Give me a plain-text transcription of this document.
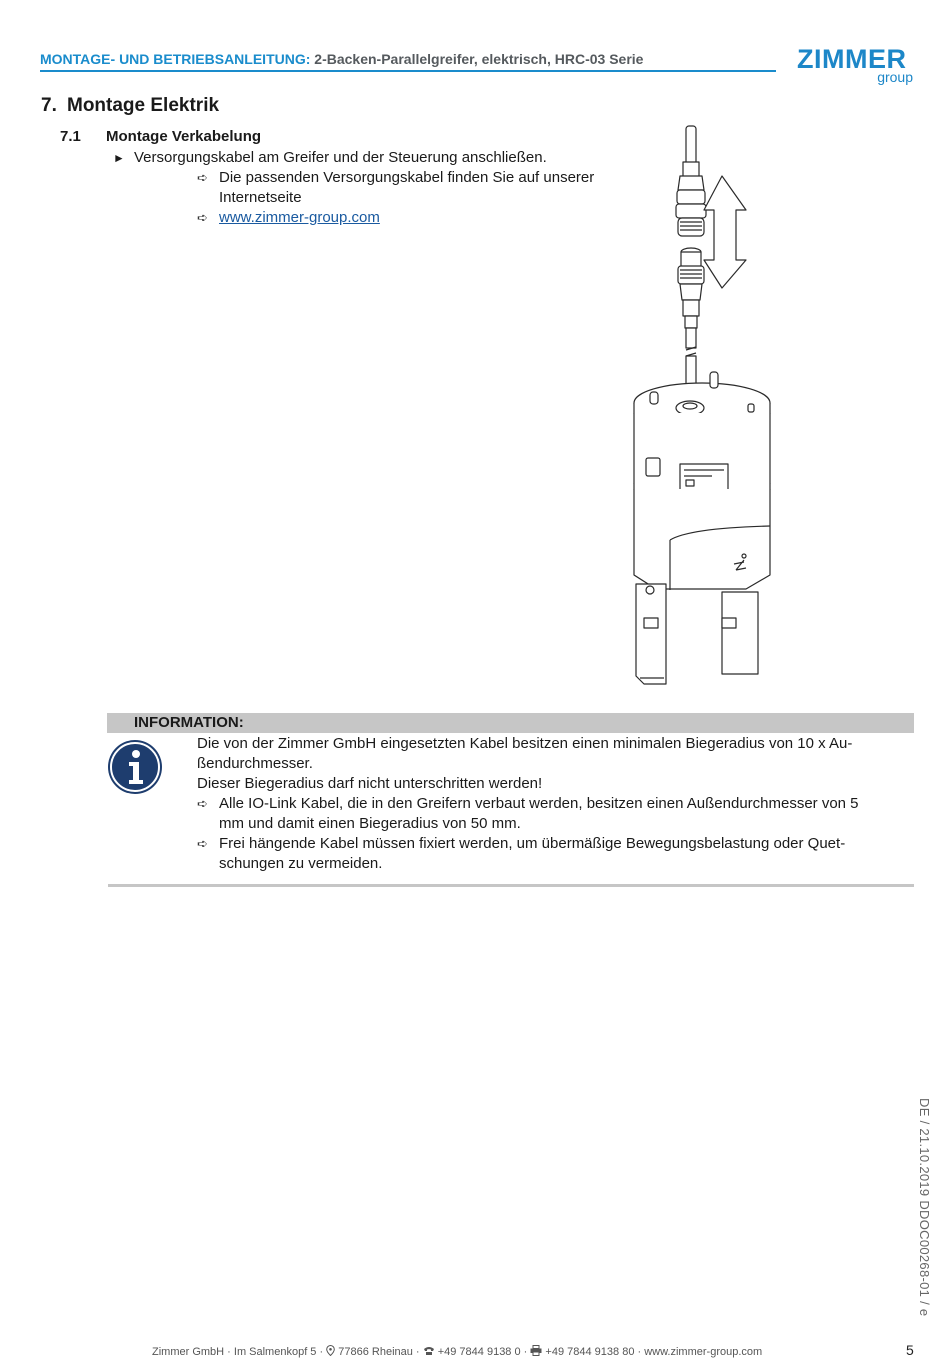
MONTAGE- UND BETRIEBSANLEITUNG: 2-Backen-Parallelgreifer, elektrisch, HRC-03 Serie	ZIMMER
group
7. Montage Elektrik
7.1 Montage Verkabelung
► Versorgungskabel am Greifer und der Steuerung anschließen.
➪ Die passenden Versorgungskabel finden Sie auf unserer
Internetseite
➪ www.zimmer-group.com
INFORMATION:
Die von der Zimmer GmbH eingesetzten Kabel besitzen einen minimalen Biegeradius von 10 x Au-
ßendurchmesser.
Dieser Biegeradius darf nicht unterschritten werden!
➪ Alle IO-Link Kabel, die in den Greifern verbaut werden, besitzen einen Außendurchmesser von 5
mm und damit einen Biegeradius von 50 mm.
➪ Frei hängende Kabel müssen fixiert werden, um übermäßige Bewegungsbelastung oder Quet-
schungen zu vermeiden.
DE / 21.10.2019 DDOC00268-01 / e
Zimmer GmbH · Im Salmenkopf 5 ·  77866 Rheinau ·  +49 7844 9138 0 ·  +49 7844 9138 80 · www.zimmer-group.com	5
